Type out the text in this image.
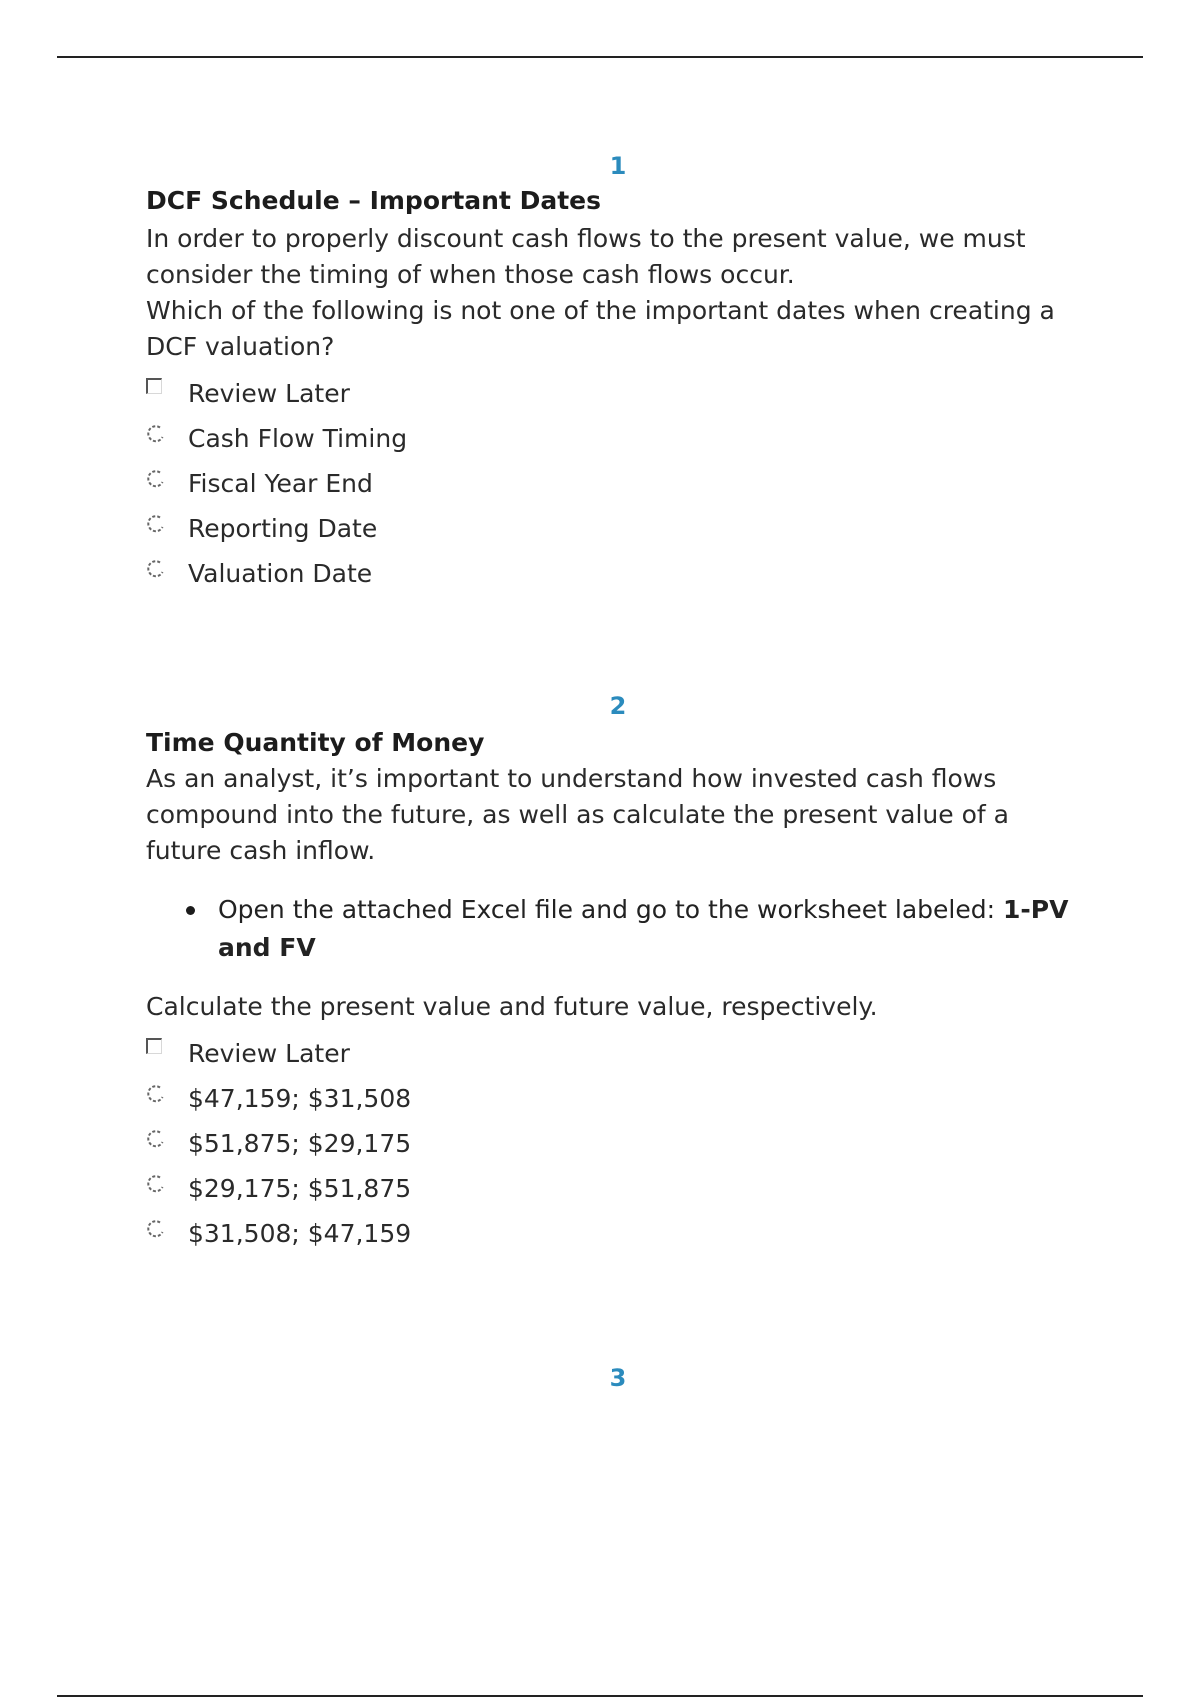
1
DCF Schedule – Important Dates
In order to properly discount cash flows to the present value, we must consider the timing of when those cash flows occur.
Which of the following is not one of the important dates when creating a DCF valuation?
Review Later
Cash Flow Timing
Fiscal Year End
Reporting Date
Valuation Date
2
Time Quantity of Money
As an analyst, it’s important to understand how invested cash flows compound into the future, as well as calculate the present value of a future cash inflow.
Open the attached Excel file and go to the worksheet labeled: 1-PV and FV
Calculate the present value and future value, respectively.
Review Later
$47,159; $31,508
$51,875; $29,175
$29,175; $51,875
$31,508; $47,159
3
